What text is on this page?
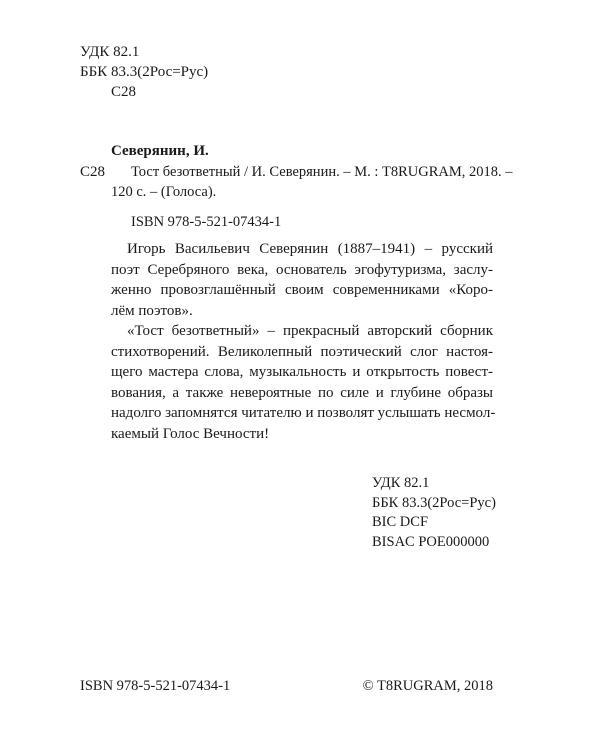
УДК 82.1
ББК 83.3(2Рос=Рус)
С28
Северянин, И.
С28 Тост безответный / И. Северянин. – М. : T8RUGRAM, 2018. –
120 с. – (Голоса).
ISBN 978-5-521-07434-1
Игорь Васильевич Северянин (1887–1941) – русский
поэт Серебряного века, основатель эгофутуризма, заслу-
женно провозглашённый своим современниками «Коро-
лём поэтов».
«Тост безответный» – прекрасный авторский сборник
стихотворений. Великолепный поэтический слог настоя-
щего мастера слова, музыкальность и открытость повест-
вования, а также невероятные по силе и глубине образы
надолго запомнятся читателю и позволят услышать несмол-
каемый Голос Вечности!
УДК 82.1
ББК 83.3(2Рос=Рус)
BIC DCF
BISAC POE000000
ISBN 978-5-521-07434-1	© T8RUGRAM, 2018
